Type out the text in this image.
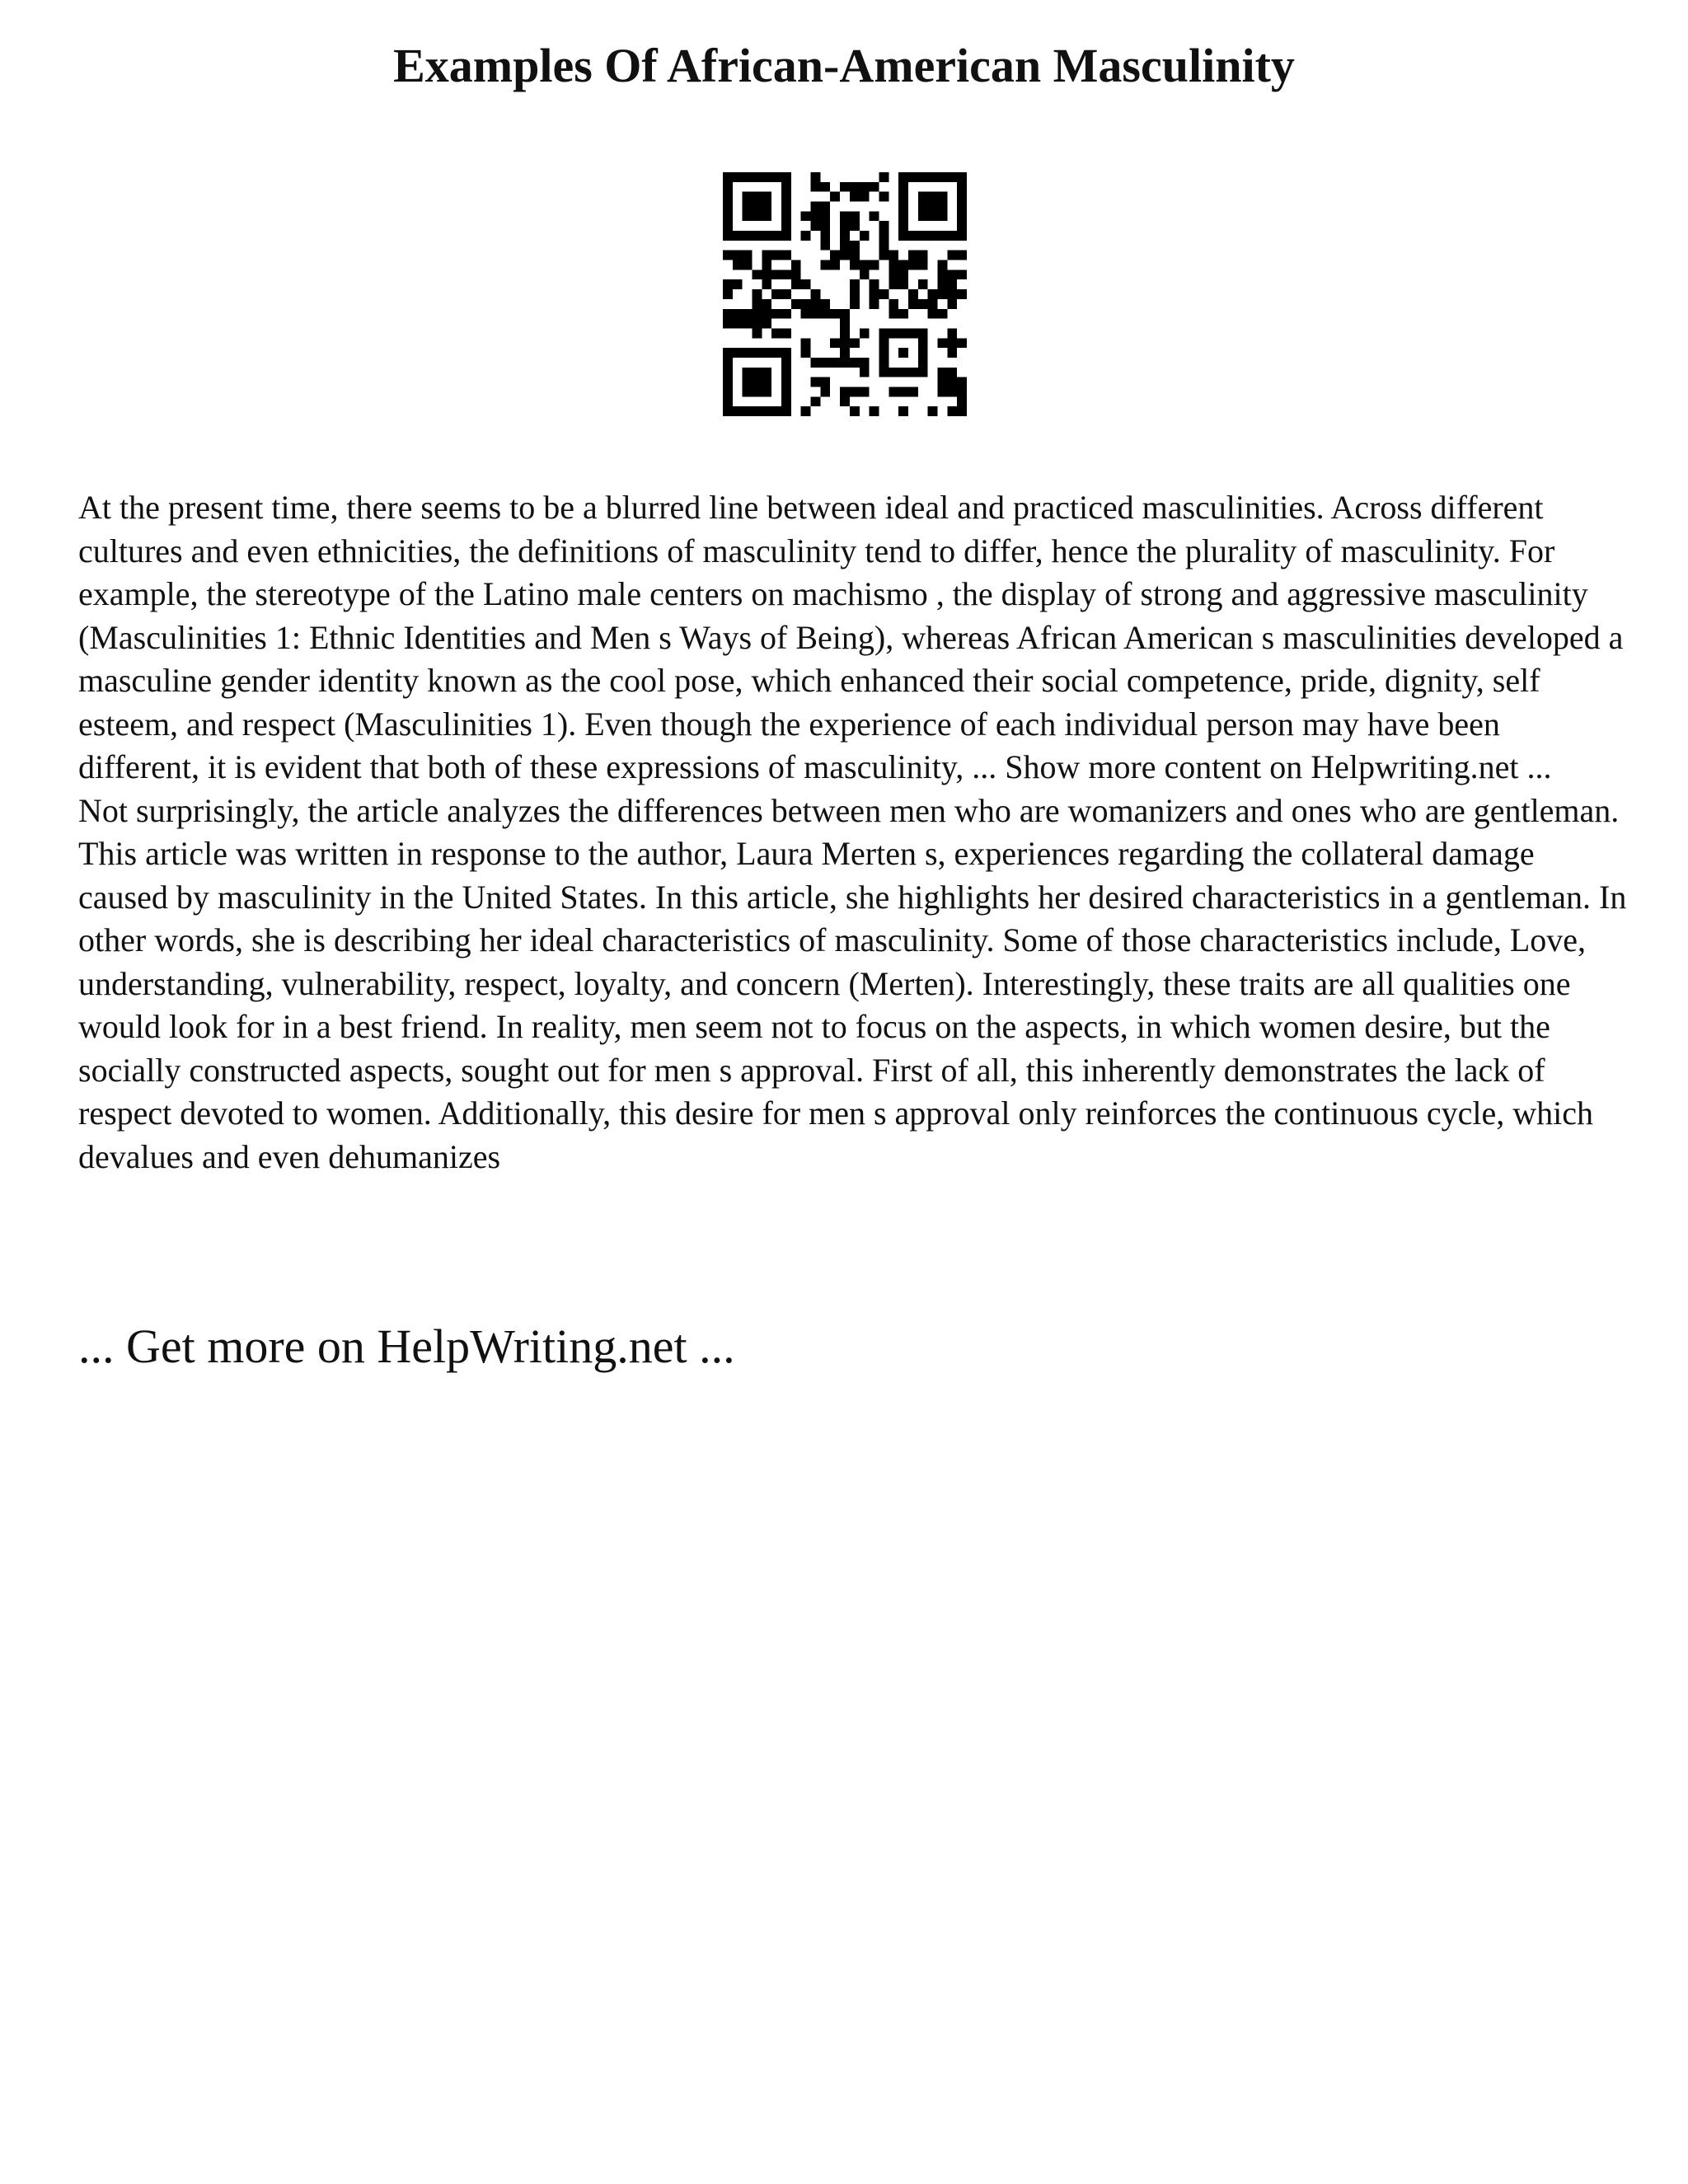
Examples Of African-American Masculinity

At the present time, there seems to be a blurred line between ideal and practiced masculinities. Across different cultures and even ethnicities, the definitions of masculinity tend to differ, hence the plurality of masculinity. For example, the stereotype of the Latino male centers on machismo , the display of strong and aggressive masculinity (Masculinities 1: Ethnic Identities and Men s Ways of Being), whereas African American s masculinities developed a masculine gender identity known as the cool pose, which enhanced their social competence, pride, dignity, self esteem, and respect (Masculinities 1). Even though the experience of each individual person may have been different, it is evident that both of these expressions of masculinity, ... Show more content on Helpwriting.net ...

Not surprisingly, the article analyzes the differences between men who are womanizers and ones who are gentleman. This article was written in response to the author, Laura Merten s, experiences regarding the collateral damage caused by masculinity in the United States. In this article, she highlights her desired characteristics in a gentleman. In other words, she is describing her ideal characteristics of masculinity. Some of those characteristics include, Love, understanding, vulnerability, respect, loyalty, and concern (Merten). Interestingly, these traits are all qualities one would look for in a best friend. In reality, men seem not to focus on the aspects, in which women desire, but the socially constructed aspects, sought out for men s approval. First of all, this inherently demonstrates the lack of respect devoted to women. Additionally, this desire for men s approval only reinforces the continuous cycle, which devalues and even dehumanizes

... Get more on HelpWriting.net ...
